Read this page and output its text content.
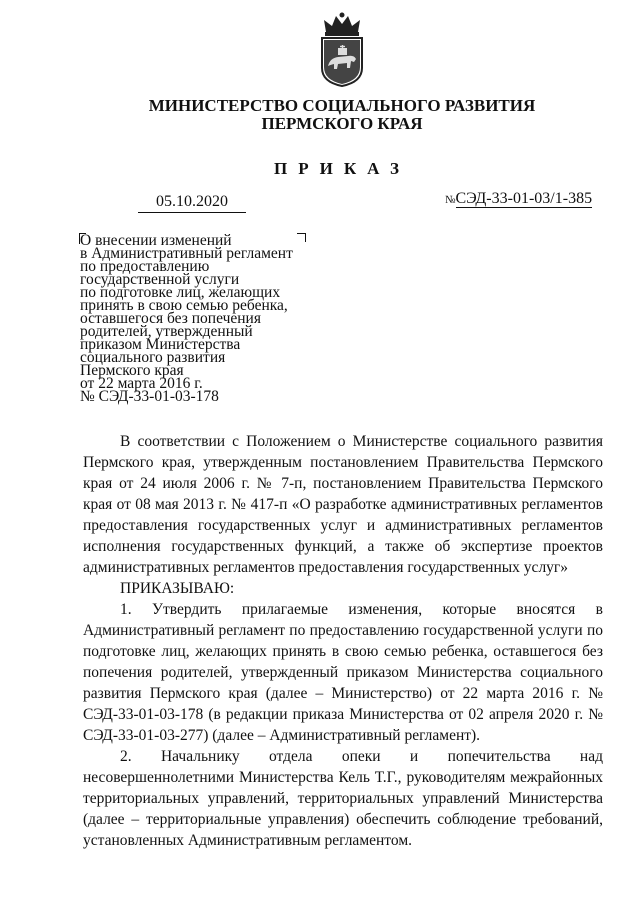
МИНИСТЕРСТВО СОЦИАЛЬНОГО РАЗВИТИЯ
ПЕРМСКОГО КРАЯ
ПРИКАЗ
05.10.2020	№СЭД-33-01-03/1-385
О внесении изменений
в Административный регламент
по предоставлению
государственной услуги
по подготовке лиц, желающих
принять в свою семью ребенка,
оставшегося без попечения
родителей, утвержденный
приказом Министерства
социального развития
Пермского края
от 22 марта 2016 г.
№ СЭД-33-01-03-178

В соответствии с Положением о Министерстве социального развития Пермского края, утвержденным постановлением Правительства Пермского края от 24 июля 2006 г. № 7-п, постановлением Правительства Пермского края от 08 мая 2013 г. № 417-п «О разработке административных регламентов предоставления государственных услуг и административных регламентов исполнения государственных функций, а также об экспертизе проектов административных регламентов предоставления государственных услуг»

ПРИКАЗЫВАЮ:

1. Утвердить прилагаемые изменения, которые вносятся в Административный регламент по предоставлению государственной услуги по подготовке лиц, желающих принять в свою семью ребенка, оставшегося без попечения родителей, утвержденный приказом Министерства социального развития Пермского края (далее – Министерство) от 22 марта 2016 г. № СЭД-33-01-03-178 (в редакции приказа Министерства от 02 апреля 2020 г. № СЭД-33-01-03-277) (далее – Административный регламент).

2. Начальнику отдела опеки и попечительства над несовершеннолетними Министерства Кель Т.Г., руководителям межрайонных территориальных управлений, территориальных управлений Министерства (далее – территориальные управления) обеспечить соблюдение требований, установленных Административным регламентом.
